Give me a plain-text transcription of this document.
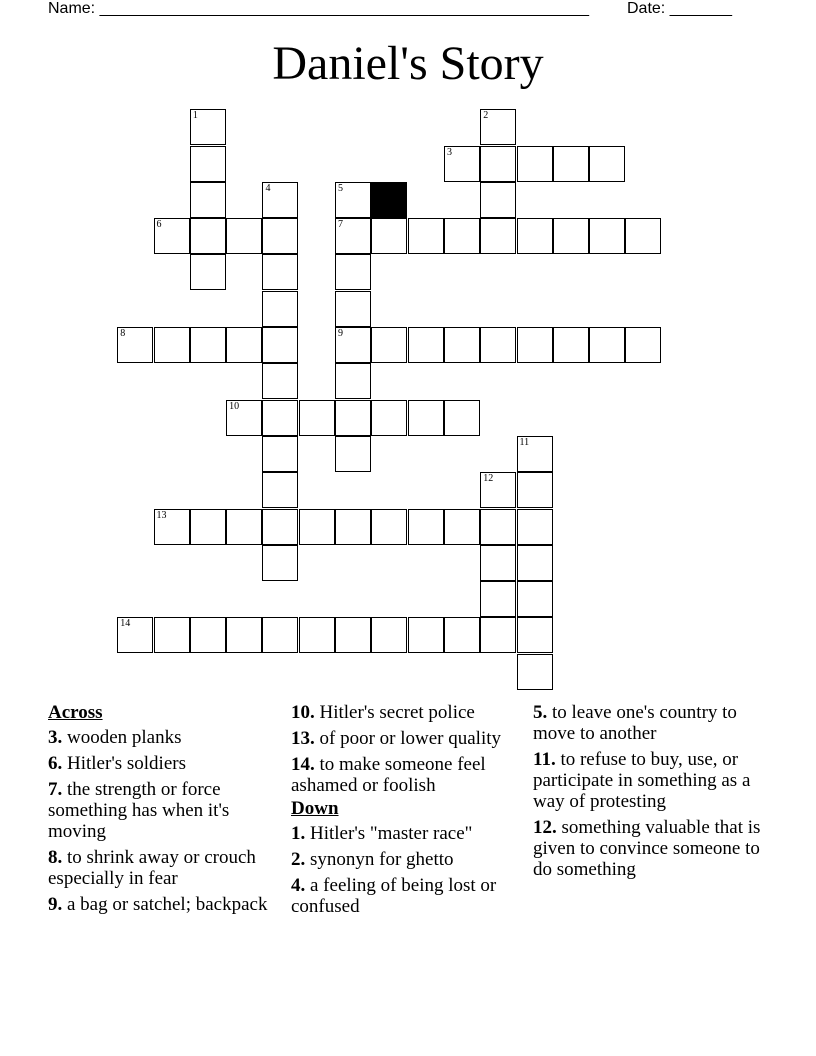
Name: _______________________________________________________ Date: _______
Daniel's Story
1	2
3
4	5
6	7
8	9
10
11
12
13
14
Across
3. wooden planks
6. Hitler's soldiers
7. the strength or force something has when it's moving
8. to shrink away or crouch especially in fear
9. a bag or satchel; backpack
10. Hitler's secret police
13. of poor or lower quality
14. to make someone feel ashamed or foolish
Down
1. Hitler's "master race"
2. synonyn for ghetto
4. a feeling of being lost or confused
5. to leave one's country to move to another
11. to refuse to buy, use, or participate in something as a way of protesting
12. something valuable that is given to convince someone to do something
